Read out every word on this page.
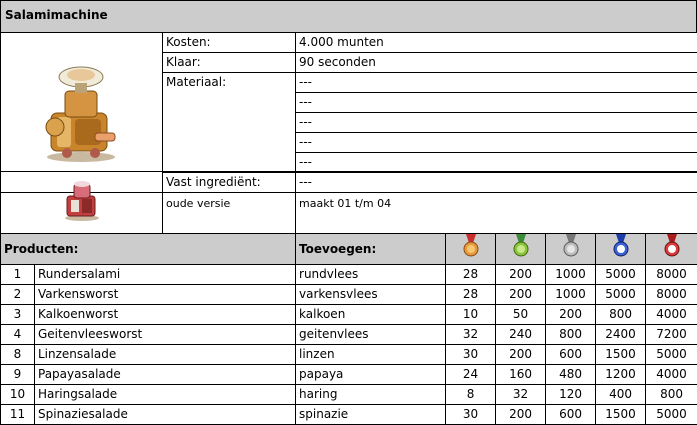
Salamimachine
	Kosten:	4.000 munten
	Klaar:	90 seconden
	Materiaal:	---
		---
		---
		---
		---
	Vast ingrediënt:	---
	oude versie	maakt 01 t/m 04
Producten:		Toevoegen:					
1	Rundersalami	rundvlees	28	200	1000	5000	8000
2	Varkensworst	varkensvlees	28	200	1000	5000	8000
3	Kalkoenworst	kalkoen	10	50	200	800	4000
4	Geitenvleesworst	geitenvlees	32	240	800	2400	7200
8	Linzensalade	linzen	30	200	600	1500	5000
9	Papayasalade	papaya	24	160	480	1200	4000
10	Haringsalade	haring	8	32	120	400	800
11	Spinaziesalade	spinazie	30	200	600	1500	5000
